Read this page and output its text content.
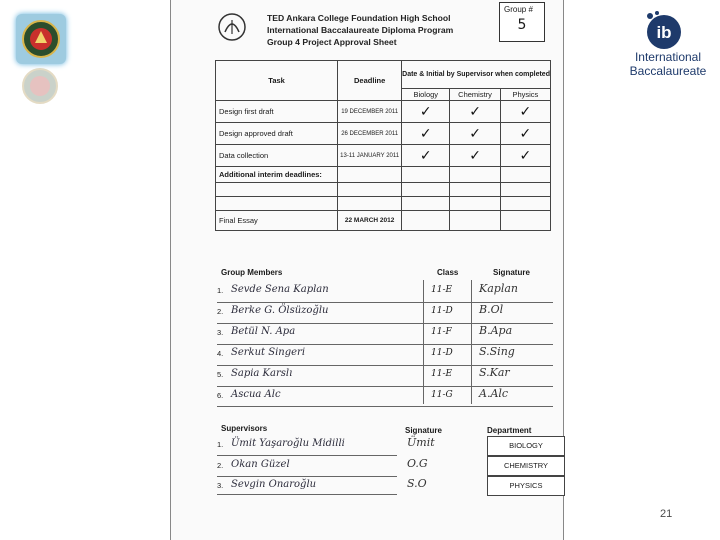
TED Ankara College Foundation High School
International Baccalaureate Diploma Program
Group 4 Project Approval Sheet
Group #
5
Task	Deadline	Date & Initial by Supervisor when completed		
		Biology	Chemistry	Physics
Design first draft	19 DECEMBER 2011	✓	✓	✓
Design approved draft	26 DECEMBER 2011	✓	✓	✓
Data collection	13-11 JANUARY 2011	✓	✓	✓
Additional interim deadlines:				

Final Essay	22 MARCH 2012			
Group Members	Class	Signature
1. Sevde Sena Kaplan	11-E Kaplan
2. Berke G. Ölsüzoğlu	11-D B.Ol
3. Betül N. Apa	11-F B.Apa
4. Serkut Singeri	11-D S.Sing
5. Sapia Karslı	11-E S.Kar
6. Ascua Alc	11-G A.Alc
Supervisors	Signature	Department
1. Ümit Yaşaroğlu Midilli	Ümit	BIOLOGY
2. Okan Güzel	O.G	CHEMISTRY
3. Sevgin Onaroğlu	S.O	PHYSICS
ib
International
Baccalaureate
21
